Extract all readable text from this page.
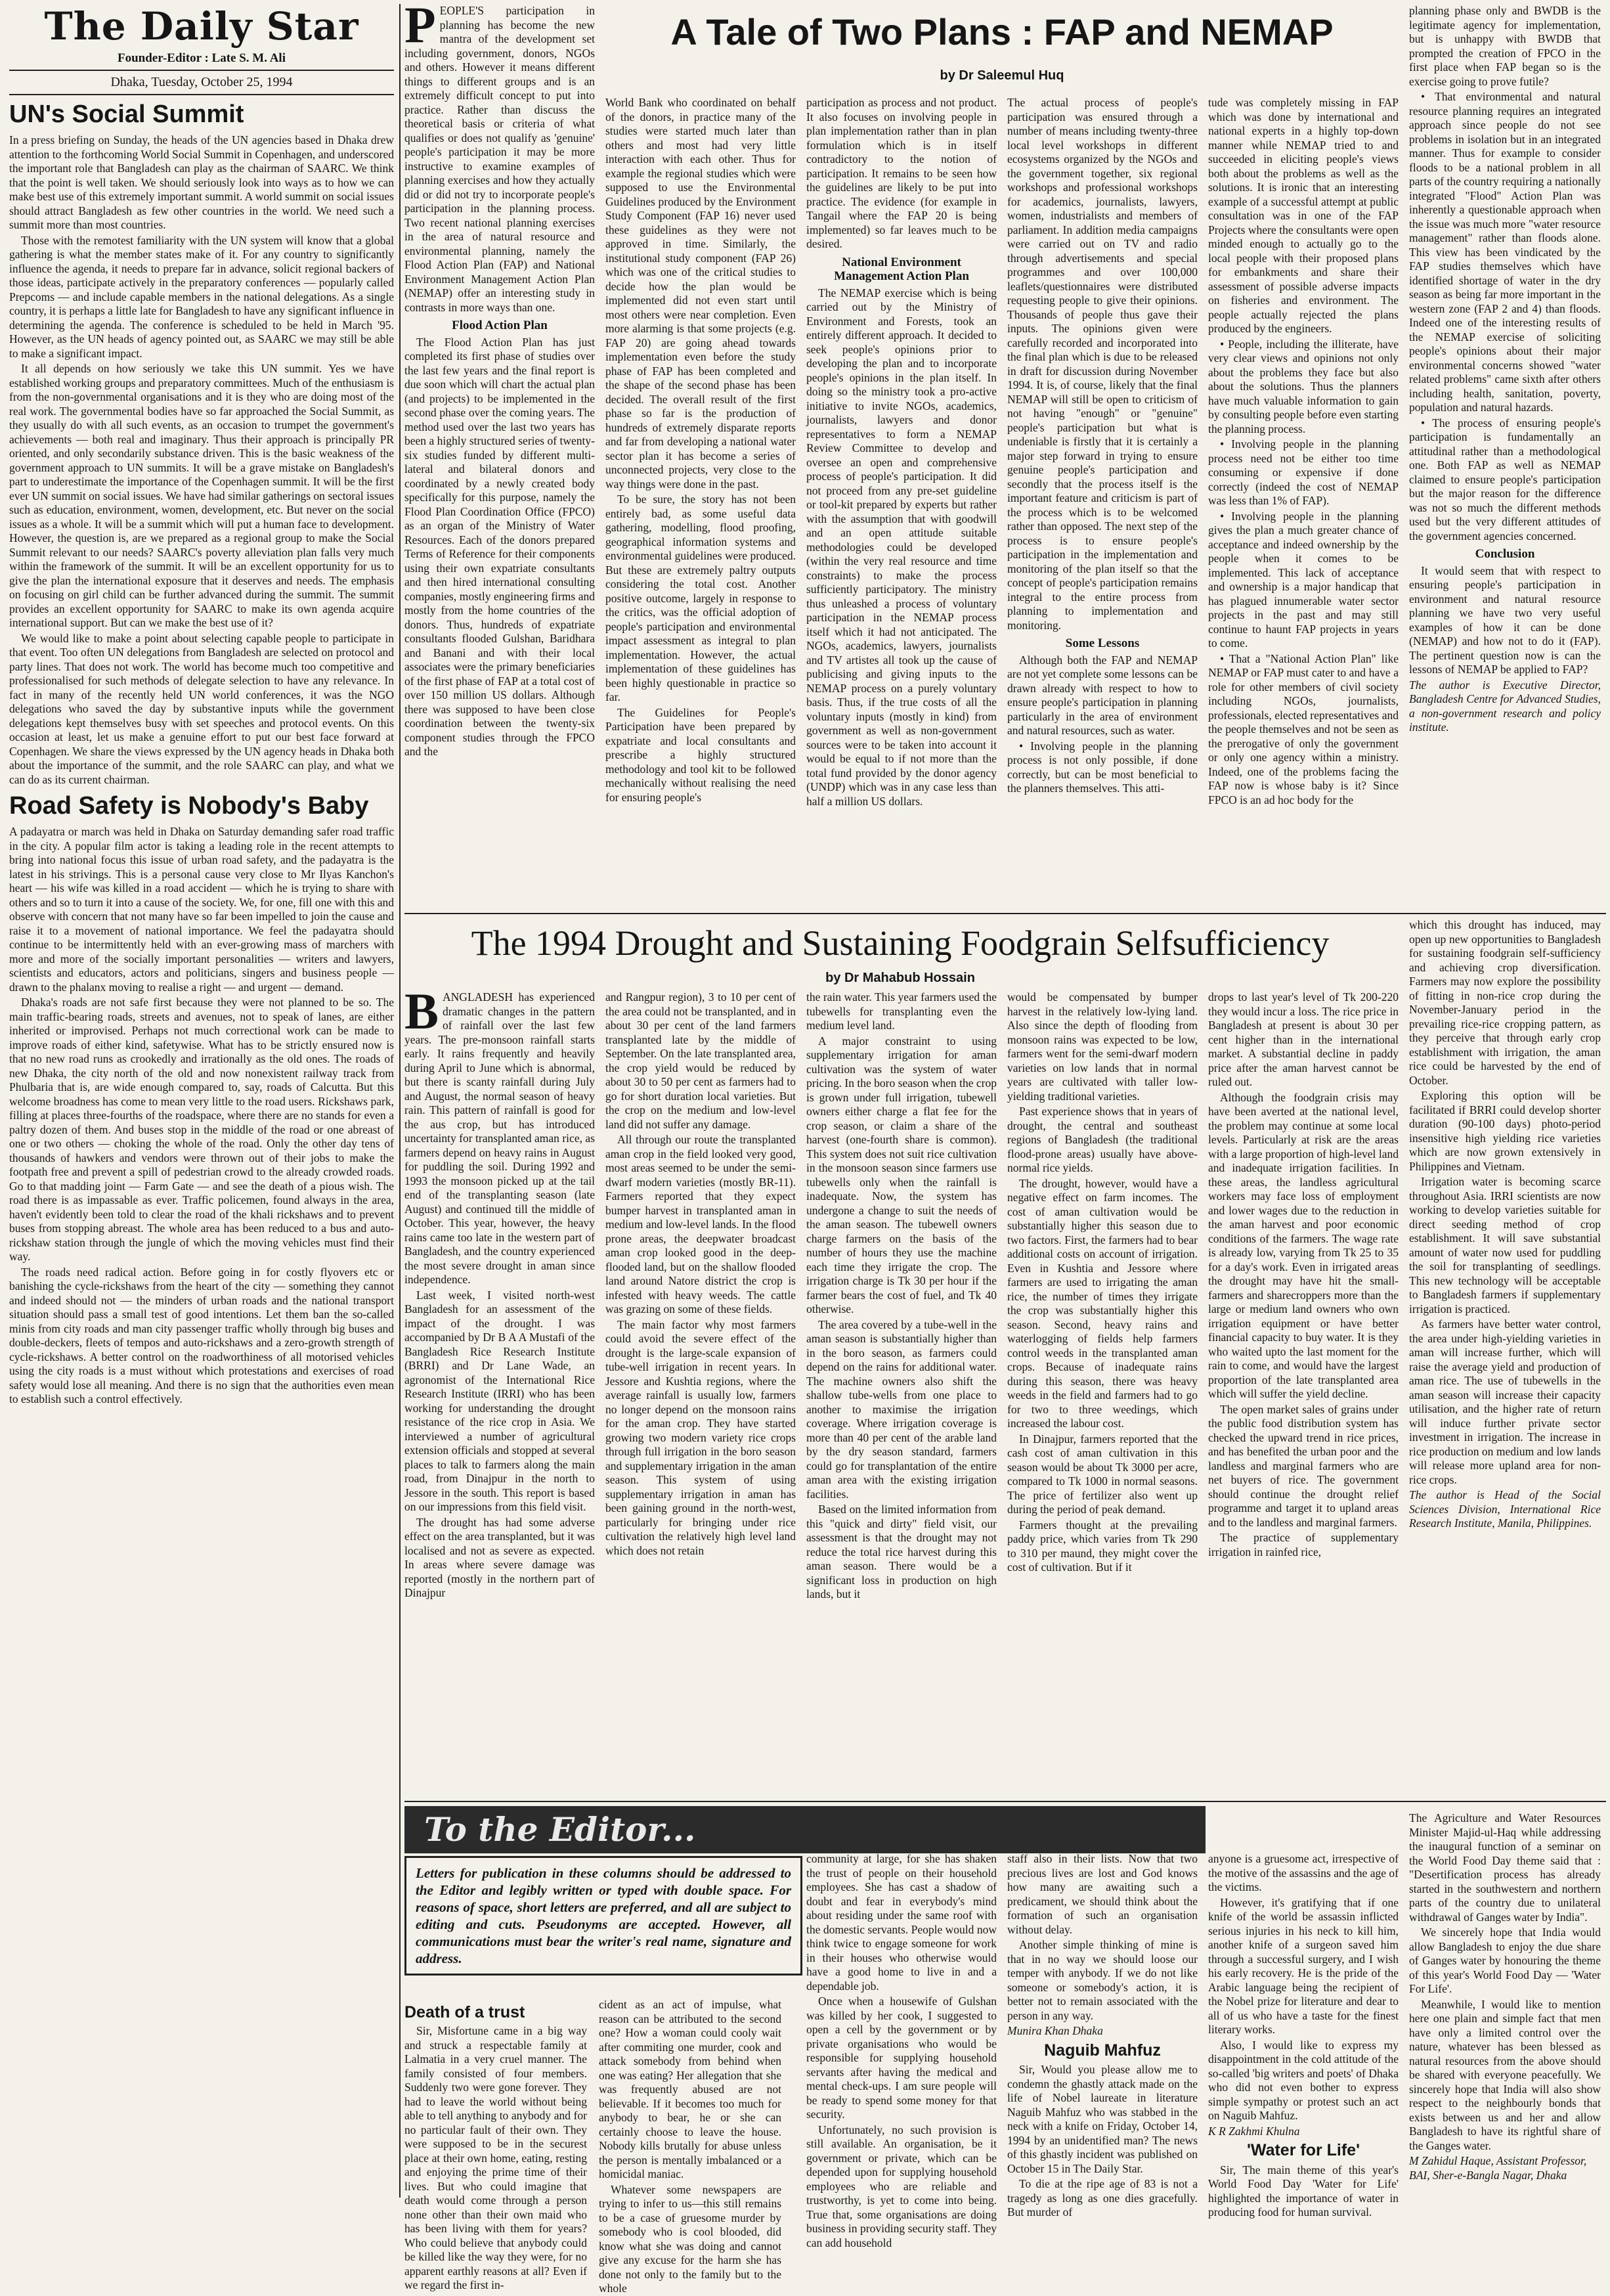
The Daily Star
Founder-Editor : Late S. M. Ali
Dhaka, Tuesday, October 25, 1994
UN's Social Summit

In a press briefing on Sunday, the heads of the UN agencies based in Dhaka drew attention to the forthcoming World Social Summit in Copenhagen, and underscored the important role that Bangladesh can play as the chairman of SAARC. We think that the point is well taken. We should seriously look into ways as to how we can make best use of this extremely important summit. A world summit on social issues should attract Bangladesh as few other countries in the world. We need such a summit more than most countries.

Those with the remotest familiarity with the UN system will know that a global gathering is what the member states make of it. For any country to significantly influence the agenda, it needs to prepare far in advance, solicit regional backers of those ideas, participate actively in the preparatory conferences — popularly called Prepcoms — and include capable members in the national delegations. As a single country, it is perhaps a little late for Bangladesh to have any significant influence in determining the agenda. The conference is scheduled to be held in March '95. However, as the UN heads of agency pointed out, as SAARC we may still be able to make a significant impact.

It all depends on how seriously we take this UN summit. Yes we have established working groups and preparatory committees. Much of the enthusiasm is from the non-governmental organisations and it is they who are doing most of the real work. The governmental bodies have so far approached the Social Summit, as they usually do with all such events, as an occasion to trumpet the government's achievements — both real and imaginary. Thus their approach is principally PR oriented, and only secondarily substance driven. This is the basic weakness of the government approach to UN summits. It will be a grave mistake on Bangladesh's part to underestimate the importance of the Copenhagen summit. It will be the first ever UN summit on social issues. We have had similar gatherings on sectoral issues such as education, environment, women, development, etc. But never on the social issues as a whole. It will be a summit which will put a human face to development. However, the question is, are we prepared as a regional group to make the Social Summit relevant to our needs? SAARC's poverty alleviation plan falls very much within the framework of the summit. It will be an excellent opportunity for us to give the plan the international exposure that it deserves and needs. The emphasis on focusing on girl child can be further advanced during the summit. The summit provides an excellent opportunity for SAARC to make its own agenda acquire international support. But can we make the best use of it?

We would like to make a point about selecting capable people to participate in that event. Too often UN delegations from Bangladesh are selected on protocol and party lines. That does not work. The world has become much too competitive and professionalised for such methods of delegate selection to have any relevance. In fact in many of the recently held UN world conferences, it was the NGO delegations who saved the day by substantive inputs while the government delegations kept themselves busy with set speeches and protocol events. On this occasion at least, let us make a genuine effort to put our best face forward at Copenhagen. We share the views expressed by the UN agency heads in Dhaka both about the importance of the summit, and the role SAARC can play, and what we can do as its current chairman.

Road Safety is Nobody's Baby

A padayatra or march was held in Dhaka on Saturday demanding safer road traffic in the city. A popular film actor is taking a leading role in the recent attempts to bring into national focus this issue of urban road safety, and the padayatra is the latest in his strivings. This is a personal cause very close to Mr Ilyas Kanchon's heart — his wife was killed in a road accident — which he is trying to share with others and so to turn it into a cause of the society. We, for one, fill one with this and observe with concern that not many have so far been impelled to join the cause and raise it to a movement of national importance. We feel the padayatra should continue to be intermittently held with an ever-growing mass of marchers with more and more of the socially important personalities — writers and lawyers, scientists and educators, actors and politicians, singers and business people — drawn to the phalanx moving to realise a right — and urgent — demand.

Dhaka's roads are not safe first because they were not planned to be so. The main traffic-bearing roads, streets and avenues, not to speak of lanes, are either inherited or improvised. Perhaps not much correctional work can be made to improve roads of either kind, safetywise. What has to be strictly ensured now is that no new road runs as crookedly and irrationally as the old ones. The roads of new Dhaka, the city north of the old and now nonexistent railway track from Phulbaria that is, are wide enough compared to, say, roads of Calcutta. But this welcome broadness has come to mean very little to the road users. Rickshaws park, filling at places three-fourths of the roadspace, where there are no stands for even a paltry dozen of them. And buses stop in the middle of the road or one abreast of one or two others — choking the whole of the road. Only the other day tens of thousands of hawkers and vendors were thrown out of their jobs to make the footpath free and prevent a spill of pedestrian crowd to the already crowded roads. Go to that madding joint — Farm Gate — and see the death of a pious wish. The road there is as impassable as ever. Traffic policemen, found always in the area, haven't evidently been told to clear the road of the khali rickshaws and to prevent buses from stopping abreast. The whole area has been reduced to a bus and auto-rickshaw station through the jungle of which the moving vehicles must find their way.

The roads need radical action. Before going in for costly flyovers etc or banishing the cycle-rickshaws from the heart of the city — something they cannot and indeed should not — the minders of urban roads and the national transport situation should pass a small test of good intentions. Let them ban the so-called minis from city roads and man city passenger traffic wholly through big buses and double-deckers, fleets of tempos and auto-rickshaws and a zero-growth strength of cycle-rickshaws. A better control on the roadworthiness of all motorised vehicles using the city roads is a must without which protestations and exercises of road safety would lose all meaning. And there is no sign that the authorities even mean to establish such a control effectively.

PEOPLE'S participation in planning has become the new mantra of the development set including government, donors, NGOs and others. However it means different things to different groups and is an extremely difficult concept to put into practice. Rather than discuss the theoretical basis or criteria of what qualifies or does not qualify as 'genuine' people's participation it may be more instructive to examine examples of planning exercises and how they actually did or did not try to incorporate people's participation in the planning process. Two recent national planning exercises in the area of natural resource and environmental planning, namely the Flood Action Plan (FAP) and National Environment Management Action Plan (NEMAP) offer an interesting study in contrasts in more ways than one.

Flood Action Plan

The Flood Action Plan has just completed its first phase of studies over the last few years and the final report is due soon which will chart the actual plan (and projects) to be implemented in the second phase over the coming years. The method used over the last two years has been a highly structured series of twenty-six studies funded by different multi-lateral and bilateral donors and coordinated by a newly created body specifically for this purpose, namely the Flood Plan Coordination Office (FPCO) as an organ of the Ministry of Water Resources. Each of the donors prepared Terms of Reference for their components using their own expatriate consultants and then hired international consulting companies, mostly engineering firms and mostly from the home countries of the donors. Thus, hundreds of expatriate consultants flooded Gulshan, Baridhara and Banani and with their local associates were the primary beneficiaries of the first phase of FAP at a total cost of over 150 million US dollars. Although there was supposed to have been close coordination between the twenty-six component studies through the FPCO and the

A Tale of Two Plans : FAP and NEMAP
by Dr Saleemul Huq

World Bank who coordinated on behalf of the donors, in practice many of the studies were started much later than others and most had very little interaction with each other. Thus for example the regional studies which were supposed to use the Environmental Guidelines produced by the Environment Study Component (FAP 16) never used these guidelines as they were not approved in time. Similarly, the institutional study component (FAP 26) which was one of the critical studies to decide how the plan would be implemented did not even start until most others were near completion. Even more alarming is that some projects (e.g. FAP 20) are going ahead towards implementation even before the study phase of FAP has been completed and the shape of the second phase has been decided. The overall result of the first phase so far is the production of hundreds of extremely disparate reports and far from developing a national water sector plan it has become a series of unconnected projects, very close to the way things were done in the past.

To be sure, the story has not been entirely bad, as some useful data gathering, modelling, flood proofing, geographical information systems and environmental guidelines were produced. But these are extremely paltry outputs considering the total cost. Another positive outcome, largely in response to the critics, was the official adoption of people's participation and environmental impact assessment as integral to plan implementation. However, the actual implementation of these guidelines has been highly questionable in practice so far.

The Guidelines for People's Participation have been prepared by expatriate and local consultants and prescribe a highly structured methodology and tool kit to be followed mechanically without realising the need for ensuring people's

participation as process and not product. It also focuses on involving people in plan implementation rather than in plan formulation which is in itself contradictory to the notion of participation. It remains to be seen how the guidelines are likely to be put into practice. The evidence (for example in Tangail where the FAP 20 is being implemented) so far leaves much to be desired.

National Environment Management Action Plan

The NEMAP exercise which is being carried out by the Ministry of Environment and Forests, took an entirely different approach. It decided to seek people's opinions prior to developing the plan and to incorporate people's opinions in the plan itself. In doing so the ministry took a pro-active initiative to invite NGOs, academics, journalists, lawyers and donor representatives to form a NEMAP Review Committee to develop and oversee an open and comprehensive process of people's participation. It did not proceed from any pre-set guideline or tool-kit prepared by experts but rather with the assumption that with goodwill and an open attitude suitable methodologies could be developed (within the very real resource and time constraints) to make the process sufficiently participatory. The ministry thus unleashed a process of voluntary participation in the NEMAP process itself which it had not anticipated. The NGOs, academics, lawyers, journalists and TV artistes all took up the cause of publicising and giving inputs to the NEMAP process on a purely voluntary basis. Thus, if the true costs of all the voluntary inputs (mostly in kind) from government as well as non-government sources were to be taken into account it would be equal to if not more than the total fund provided by the donor agency (UNDP) which was in any case less than half a million US dollars.

The actual process of people's participation was ensured through a number of means including twenty-three local level workshops in different ecosystems organized by the NGOs and the government together, six regional workshops and professional workshops for academics, journalists, lawyers, women, industrialists and members of parliament. In addition media campaigns were carried out on TV and radio through advertisements and special programmes and over 100,000 leaflets/questionnaires were distributed requesting people to give their opinions. Thousands of people thus gave their inputs. The opinions given were carefully recorded and incorporated into the final plan which is due to be released in draft for discussion during November 1994. It is, of course, likely that the final NEMAP will still be open to criticism of not having "enough" or "genuine" people's participation but what is undeniable is firstly that it is certainly a major step forward in trying to ensure genuine people's participation and secondly that the process itself is the important feature and criticism is part of the process which is to be welcomed rather than opposed. The next step of the process is to ensure people's participation in the implementation and monitoring of the plan itself so that the concept of people's participation remains integral to the entire process from planning to implementation and monitoring.

Some Lessons

Although both the FAP and NEMAP are not yet complete some lessons can be drawn already with respect to how to ensure people's participation in planning particularly in the area of environment and natural resources, such as water.

• Involving people in the planning process is not only possible, if done correctly, but can be most beneficial to the planners themselves. This atti-

tude was completely missing in FAP which was done by international and national experts in a highly top-down manner while NEMAP tried to and succeeded in eliciting people's views both about the problems as well as the solutions. It is ironic that an interesting example of a successful attempt at public consultation was in one of the FAP Projects where the consultants were open minded enough to actually go to the local people with their proposed plans for embankments and share their assessment of possible adverse impacts on fisheries and environment. The people actually rejected the plans produced by the engineers.

• People, including the illiterate, have very clear views and opinions not only about the problems they face but also about the solutions. Thus the planners have much valuable information to gain by consulting people before even starting the planning process.

• Involving people in the planning process need not be either too time consuming or expensive if done correctly (indeed the cost of NEMAP was less than 1% of FAP).

• Involving people in the planning gives the plan a much greater chance of acceptance and indeed ownership by the people when it comes to be implemented. This lack of acceptance and ownership is a major handicap that has plagued innumerable water sector projects in the past and may still continue to haunt FAP projects in years to come.

• That a "National Action Plan" like NEMAP or FAP must cater to and have a role for other members of civil society including NGOs, journalists, professionals, elected representatives and the people themselves and not be seen as the prerogative of only the government or only one agency within a ministry. Indeed, one of the problems facing the FAP now is whose baby is it? Since FPCO is an ad hoc body for the

planning phase only and BWDB is the legitimate agency for implementation, but is unhappy with BWDB that prompted the creation of FPCO in the first place when FAP began so is the exercise going to prove futile?

• That environmental and natural resource planning requires an integrated approach since people do not see problems in isolation but in an integrated manner. Thus for example to consider floods to be a national problem in all parts of the country requiring a nationally integrated "Flood" Action Plan was inherently a questionable approach when the issue was much more "water resource management" rather than floods alone. This view has been vindicated by the FAP studies themselves which have identified shortage of water in the dry season as being far more important in the western zone (FAP 2 and 4) than floods. Indeed one of the interesting results of the NEMAP exercise of soliciting people's opinions about their major environmental concerns showed "water related problems" came sixth after others including health, sanitation, poverty, population and natural hazards.

• The process of ensuring people's participation is fundamentally an attitudinal rather than a methodological one. Both FAP as well as NEMAP claimed to ensure people's participation but the major reason for the difference was not so much the different methods used but the very different attitudes of the government agencies concerned.

Conclusion

It would seem that with respect to ensuring people's participation in environment and natural resource planning we have two very useful examples of how it can be done (NEMAP) and how not to do it (FAP). The pertinent question now is can the lessons of NEMAP be applied to FAP?

The author is Executive Director, Bangladesh Centre for Advanced Studies, a non-government research and policy institute.

The 1994 Drought and Sustaining Foodgrain Selfsufficiency
by Dr Mahabub Hossain

BANGLADESH has experienced dramatic changes in the pattern of rainfall over the last few years. The pre-monsoon rainfall starts early. It rains frequently and heavily during April to June which is abnormal, but there is scanty rainfall during July and August, the normal season of heavy rain. This pattern of rainfall is good for the aus crop, but has introduced uncertainty for transplanted aman rice, as farmers depend on heavy rains in August for puddling the soil. During 1992 and 1993 the monsoon picked up at the tail end of the transplanting season (late August) and continued till the middle of October. This year, however, the heavy rains came too late in the western part of Bangladesh, and the country experienced the most severe drought in aman since independence.

Last week, I visited north-west Bangladesh for an assessment of the impact of the drought. I was accompanied by Dr B A A Mustafi of the Bangladesh Rice Research Institute (BRRI) and Dr Lane Wade, an agronomist of the International Rice Research Institute (IRRI) who has been working for understanding the drought resistance of the rice crop in Asia. We interviewed a number of agricultural extension officials and stopped at several places to talk to farmers along the main road, from Dinajpur in the north to Jessore in the south. This report is based on our impressions from this field visit.

The drought has had some adverse effect on the area transplanted, but it was localised and not as severe as expected. In areas where severe damage was reported (mostly in the northern part of Dinajpur

and Rangpur region), 3 to 10 per cent of the area could not be transplanted, and in about 30 per cent of the land farmers transplanted late by the middle of September. On the late transplanted area, the crop yield would be reduced by about 30 to 50 per cent as farmers had to go for short duration local varieties. But the crop on the medium and low-level land did not suffer any damage.

All through our route the transplanted aman crop in the field looked very good, most areas seemed to be under the semi-dwarf modern varieties (mostly BR-11). Farmers reported that they expect bumper harvest in transplanted aman in medium and low-level lands. In the flood prone areas, the deepwater broadcast aman crop looked good in the deep-flooded land, but on the shallow flooded land around Natore district the crop is infested with heavy weeds. The cattle was grazing on some of these fields.

The main factor why most farmers could avoid the severe effect of the drought is the large-scale expansion of tube-well irrigation in recent years. In Jessore and Kushtia regions, where the average rainfall is usually low, farmers no longer depend on the monsoon rains for the aman crop. They have started growing two modern variety rice crops through full irrigation in the boro season and supplementary irrigation in the aman season. This system of using supplementary irrigation in aman has been gaining ground in the north-west, particularly for bringing under rice cultivation the relatively high level land which does not retain

the rain water. This year farmers used the tubewells for transplanting even the medium level land.

A major constraint to using supplementary irrigation for aman cultivation was the system of water pricing. In the boro season when the crop is grown under full irrigation, tubewell owners either charge a flat fee for the crop season, or claim a share of the harvest (one-fourth share is common). This system does not suit rice cultivation in the monsoon season since farmers use tubewells only when the rainfall is inadequate. Now, the system has undergone a change to suit the needs of the aman season. The tubewell owners charge farmers on the basis of the number of hours they use the machine each time they irrigate the crop. The irrigation charge is Tk 30 per hour if the farmer bears the cost of fuel, and Tk 40 otherwise.

The area covered by a tube-well in the aman season is substantially higher than in the boro season, as farmers could depend on the rains for additional water. The machine owners also shift the shallow tube-wells from one place to another to maximise the irrigation coverage. Where irrigation coverage is more than 40 per cent of the arable land by the dry season standard, farmers could go for transplantation of the entire aman area with the existing irrigation facilities.

Based on the limited information from this "quick and dirty" field visit, our assessment is that the drought may not reduce the total rice harvest during this aman season. There would be a significant loss in production on high lands, but it

would be compensated by bumper harvest in the relatively low-lying land. Also since the depth of flooding from monsoon rains was expected to be low, farmers went for the semi-dwarf modern varieties on low lands that in normal years are cultivated with taller low-yielding traditional varieties.

Past experience shows that in years of drought, the central and southeast regions of Bangladesh (the traditional flood-prone areas) usually have above-normal rice yields.

The drought, however, would have a negative effect on farm incomes. The cost of aman cultivation would be substantially higher this season due to two factors. First, the farmers had to bear additional costs on account of irrigation. Even in Kushtia and Jessore where farmers are used to irrigating the aman rice, the number of times they irrigate the crop was substantially higher this season. Second, heavy rains and waterlogging of fields help farmers control weeds in the transplanted aman crops. Because of inadequate rains during this season, there was heavy weeds in the field and farmers had to go for two to three weedings, which increased the labour cost.

In Dinajpur, farmers reported that the cash cost of aman cultivation in this season would be about Tk 3000 per acre, compared to Tk 1000 in normal seasons. The price of fertilizer also went up during the period of peak demand.

Farmers thought at the prevailing paddy price, which varies from Tk 290 to 310 per maund, they might cover the cost of cultivation. But if it

drops to last year's level of Tk 200-220 they would incur a loss. The rice price in Bangladesh at present is about 30 per cent higher than in the international market. A substantial decline in paddy price after the aman harvest cannot be ruled out.

Although the foodgrain crisis may have been averted at the national level, the problem may continue at some local levels. Particularly at risk are the areas with a large proportion of high-level land and inadequate irrigation facilities. In these areas, the landless agricultural workers may face loss of employment and lower wages due to the reduction in the aman harvest and poor economic conditions of the farmers. The wage rate is already low, varying from Tk 25 to 35 for a day's work. Even in irrigated areas the drought may have hit the small-farmers and sharecroppers more than the large or medium land owners who own irrigation equipment or have better financial capacity to buy water. It is they who waited upto the last moment for the rain to come, and would have the largest proportion of the late transplanted area which will suffer the yield decline.

The open market sales of grains under the public food distribution system has checked the upward trend in rice prices, and has benefited the urban poor and the landless and marginal farmers who are net buyers of rice. The government should continue the drought relief programme and target it to upland areas and to the landless and marginal farmers.

The practice of supplementary irrigation in rainfed rice,

which this drought has induced, may open up new opportunities to Bangladesh for sustaining foodgrain self-sufficiency and achieving crop diversification. Farmers may now explore the possibility of fitting in non-rice crop during the November-January period in the prevailing rice-rice cropping pattern, as they perceive that through early crop establishment with irrigation, the aman rice could be harvested by the end of October.

Exploring this option will be facilitated if BRRI could develop shorter duration (90-100 days) photo-period insensitive high yielding rice varieties which are now grown extensively in Philippines and Vietnam.

Irrigation water is becoming scarce throughout Asia. IRRI scientists are now working to develop varieties suitable for direct seeding method of crop establishment. It will save substantial amount of water now used for puddling the soil for transplanting of seedlings. This new technology will be acceptable to Bangladesh farmers if supplementary irrigation is practiced.

As farmers have better water control, the area under high-yielding varieties in aman will increase further, which will raise the average yield and production of aman rice. The use of tubewells in the aman season will increase their capacity utilisation, and the higher rate of return will induce further private sector investment in irrigation. The increase in rice production on medium and low lands will release more upland area for non-rice crops.

The author is Head of the Social Sciences Division, International Rice Research Institute, Manila, Philippines.

To the Editor...
Letters for publication in these columns should be addressed to the Editor and legibly written or typed with double space. For reasons of space, short letters are preferred, and all are subject to editing and cuts. Pseudonyms are accepted. However, all communications must bear the writer's real name, signature and address.
Death of a trust

Sir, Misfortune came in a big way and struck a respectable family at Lalmatia in a very cruel manner. The family consisted of four members. Suddenly two were gone forever. They had to leave the world without being able to tell anything to anybody and for no particular fault of their own. They were supposed to be in the securest place at their own home, eating, resting and enjoying the prime time of their lives. But who could imagine that death would come through a person none other than their own maid who has been living with them for years? Who could believe that anybody could be killed like the way they were, for no apparent earthly reasons at all? Even if we regard the first in-

cident as an act of impulse, what reason can be attributed to the second one? How a woman could cooly wait after commiting one murder, cook and attack somebody from behind when one was eating? Her allegation that she was frequently abused are not believable. If it becomes too much for anybody to bear, he or she can certainly choose to leave the house. Nobody kills brutally for abuse unless the person is mentally imbalanced or a homicidal maniac.

Whatever some newspapers are trying to infer to us—this still remains to be a case of gruesome murder by somebody who is cool blooded, did know what she was doing and cannot give any excuse for the harm she has done not only to the family but to the whole

community at large, for she has shaken the trust of people on their household employees. She has cast a shadow of doubt and fear in everybody's mind about residing under the same roof with the domestic servants. People would now think twice to engage someone for work in their houses who otherwise would have a good home to live in and a dependable job.

Once when a housewife of Gulshan was killed by her cook, I suggested to open a cell by the government or by private organisations who would be responsible for supplying household servants after having the medical and mental check-ups. I am sure people will be ready to spend some money for that security.

Unfortunately, no such provision is still available. An organisation, be it government or private, which can be depended upon for supplying household employees who are reliable and trustworthy, is yet to come into being. True that, some organisations are doing business in providing security staff. They can add household

staff also in their lists. Now that two precious lives are lost and God knows how many are awaiting such a predicament, we should think about the formation of such an organisation without delay.

Another simple thinking of mine is that in no way we should loose our temper with anybody. If we do not like someone or somebody's action, it is better not to remain associated with the person in any way.

Munira Khan Dhaka

Naguib Mahfuz

Sir, Would you please allow me to condemn the ghastly attack made on the life of Nobel laureate in literature Naguib Mahfuz who was stabbed in the neck with a knife on Friday, October 14, 1994 by an unidentified man? The news of this ghastly incident was published on October 15 in The Daily Star.

To die at the ripe age of 83 is not a tragedy as long as one dies gracefully. But murder of

anyone is a gruesome act, irrespective of the motive of the assassins and the age of the victims.

However, it's gratifying that if one knife of the world be assassin inflicted serious injuries in his neck to kill him, another knife of a surgeon saved him through a successful surgery, and I wish his early recovery. He is the pride of the Arabic language being the recipient of the Nobel prize for literature and dear to all of us who have a taste for the finest literary works.

Also, I would like to express my disappointment in the cold attitude of the so-called 'big writers and poets' of Dhaka who did not even bother to express simple sympathy or protest such an act on Naguib Mahfuz.

K R Zakhmi Khulna

'Water for Life'

Sir, The main theme of this year's World Food Day 'Water for Life' highlighted the importance of water in producing food for human survival.

The Agriculture and Water Resources Minister Majid-ul-Haq while addressing the inaugural function of a seminar on the World Food Day theme said that : "Desertification process has already started in the southwestern and northern parts of the country due to unilateral withdrawal of Ganges water by India".

We sincerely hope that India would allow Bangladesh to enjoy the due share of Ganges water by honouring the theme of this year's World Food Day — 'Water For Life'.

Meanwhile, I would like to mention here one plain and simple fact that men have only a limited control over the nature, whatever has been blessed as natural resources from the above should be shared with everyone peacefully. We sincerely hope that India will also show respect to the neighbourly bonds that exists between us and her and allow Bangladesh to have its rightful share of the Ganges water.

M Zahidul Haque, Assistant Professor, BAI, Sher-e-Bangla Nagar, Dhaka
